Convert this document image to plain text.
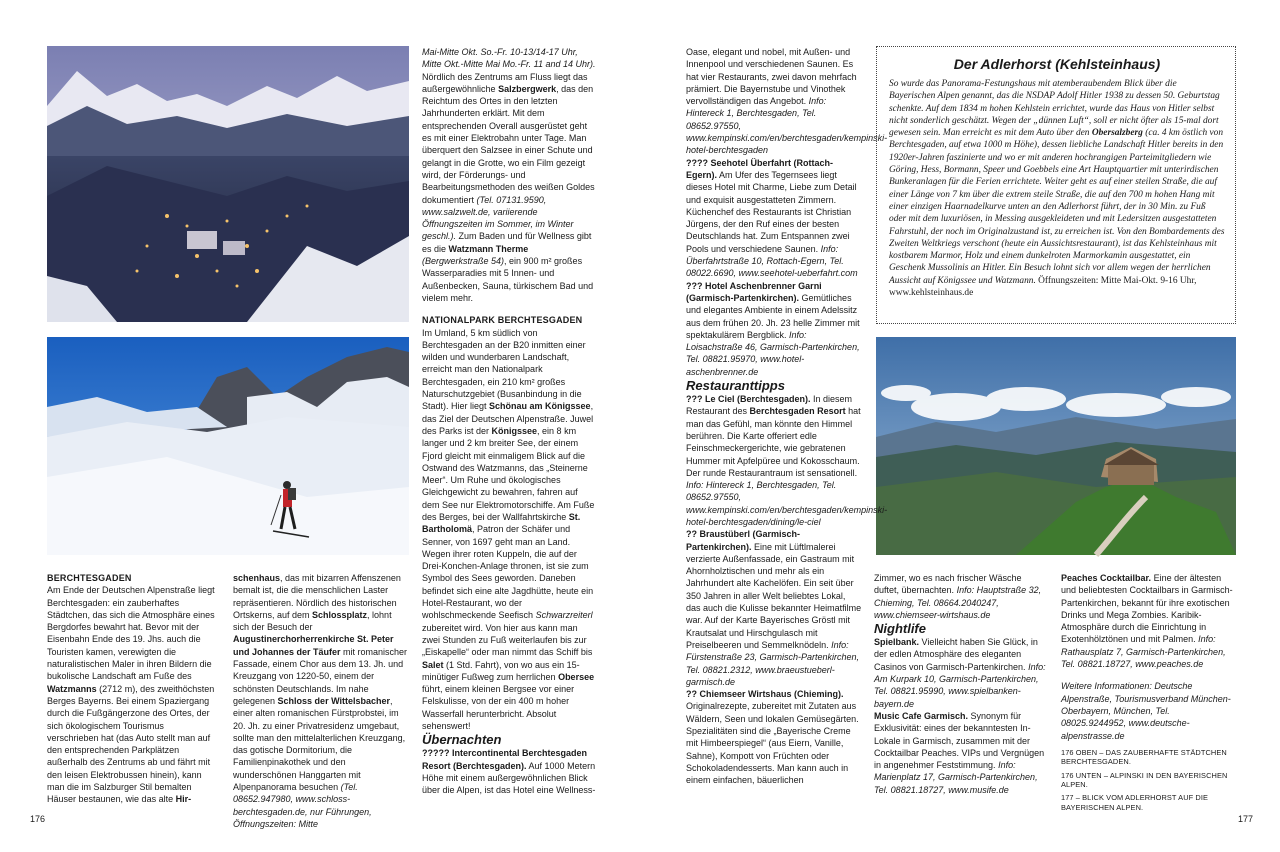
BERCHTESGADEN

Am Ende der Deutschen Alpenstraße liegt Berchtesgaden: ein zauberhaftes Städtchen, das sich die Atmosphäre eines Bergdorfes bewahrt hat. Bevor mit der Eisenbahn Ende des 19. Jhs. auch die Touristen kamen, verewigten die naturalistischen Maler in ihren Bildern die bukolische Landschaft am Fuße des Watzmanns (2712 m), des zweithöchsten Berges Bayerns. Bei einem Spaziergang durch die Fußgängerzone des Ortes, der sich ökologischem Tourismus verschrieben hat (das Auto stellt man auf den entsprechenden Parkplätzen außerhalb des Zentrums ab und fährt mit den leisen Elektrobussen hinein), kann man die im Salzburger Stil bemalten Häuser bestaunen, wie das alte Hir-

schenhaus, das mit bizarren Affenszenen bemalt ist, die die menschlichen Laster repräsentieren. Nördlich des historischen Ortskerns, auf dem Schlossplatz, lohnt sich der Besuch der Augustinerchorherrenkirche St. Peter und Johannes der Täufer mit romanischer Fassade, einem Chor aus dem 13. Jh. und Kreuzgang von 1220-50, einem der schönsten Deutschlands. Im nahe gelegenen Schloss der Wittelsbacher, einer alten romanischen Fürstprobstei, im 20. Jh. zu einer Privatresidenz umgebaut, sollte man den mittelalterlichen Kreuzgang, das gotische Dormitorium, die Familienpinakothek und den wunderschönen Hanggarten mit Alpenpanorama besuchen (Tel. 08652.947980, www.schloss-berchtesgaden.de, nur Führungen, Öffnungszeiten: Mitte

Mai-Mitte Okt. So.-Fr. 10-13/14-17 Uhr, Mitte Okt.-Mitte Mai Mo.-Fr. 11 and 14 Uhr). Nördlich des Zentrums am Fluss liegt das außergewöhnliche Salzbergwerk, das den Reichtum des Ortes in den letzten Jahrhunderten erklärt. Mit dem entsprechenden Overall ausgerüstet geht es mit einer Elektrobahn unter Tage. Man überquert den Salzsee in einer Schute und gelangt in die Grotte, wo ein Film gezeigt wird, der Förderungs- und Bearbeitungsmethoden des weißen Goldes dokumentiert (Tel. 07131.9590, www.salzwelt.de, variierende Öffnungszeiten im Sommer, im Winter geschl.). Zum Baden und für Wellness gibt es die Watzmann Therme (Bergwerkstraße 54), ein 900 m² großes Wasserparadies mit 5 Innen- und Außenbecken, Sauna, türkischem Bad und vielem mehr.

NATIONALPARK BERCHTESGADEN

Im Umland, 5 km südlich von Berchtesgaden an der B20 inmitten einer wilden und wunderbaren Landschaft, erreicht man den Nationalpark Berchtesgaden, ein 210 km² großes Naturschutzgebiet (Busanbindung in die Stadt). Hier liegt Schönau am Königssee, das Ziel der Deutschen Alpenstraße. Juwel des Parks ist der Königssee, ein 8 km langer und 2 km breiter See, der einem Fjord gleicht mit einmaligem Blick auf die Ostwand des Watzmanns, das „Steinerne Meer“. Um Ruhe und ökologisches Gleichgewicht zu bewahren, fahren auf dem See nur Elektromotorschiffe. Am Fuße des Berges, bei der Wallfahrtskirche St. Bartholomä, Patron der Schäfer und Senner, von 1697 geht man an Land. Wegen ihrer roten Kuppeln, die auf der Drei-Konchen-Anlage thronen, ist sie zum Symbol des Sees geworden. Daneben befindet sich eine alte Jagdhütte, heute ein Hotel-Restaurant, wo der wohlschmeckende Seefisch Schwarzreiterl zubereitet wird. Von hier aus kann man zwei Stunden zu Fuß weiterlaufen bis zur „Eiskapelle“ oder man nimmt das Schiff bis Salet (1 Std. Fahrt), von wo aus ein 15-minütiger Fußweg zum herrlichen Obersee führt, einem kleinen Bergsee vor einer Felskulisse, von der ein 400 m hoher Wasserfall herunterbricht. Absolut sehenswert!

Übernachten

????? Intercontinental Berchtesgaden Resort (Berchtesgaden). Auf 1000 Metern Höhe mit einem außergewöhnlichen Blick über die Alpen, ist das Hotel eine Wellness-

Oase, elegant und nobel, mit Außen- und Innenpool und verschiedenen Saunen. Es hat vier Restaurants, zwei davon mehrfach prämiert. Die Bayernstube und Vinothek vervollständigen das Angebot. Info: Hintereck 1, Berchtesgaden, Tel. 08652.97550, www.kempinski.com/en/berchtesgaden/kempinski-hotel-berchtesgaden

???? Seehotel Überfahrt (Rottach-Egern). Am Ufer des Tegernsees liegt dieses Hotel mit Charme, Liebe zum Detail und exquisit ausgestatteten Zimmern. Küchenchef des Restaurants ist Christian Jürgens, der den Ruf eines der besten Deutschlands hat. Zum Entspannen zwei Pools und verschiedene Saunen. Info: Überfahrtstraße 10, Rottach-Egern, Tel. 08022.6690, www.seehotel-ueberfahrt.com

??? Hotel Aschenbrenner Garni (Garmisch-Partenkirchen). Gemütliches und elegantes Ambiente in einem Adelssitz aus dem frühen 20. Jh. 23 helle Zimmer mit spektakulärem Bergblick. Info: Loisachstraße 46, Garmisch-Partenkirchen, Tel. 08821.95970, www.hotel-aschenbrenner.de

Restauranttipps

??? Le Ciel (Berchtesgaden). In diesem Restaurant des Berchtesgaden Resort hat man das Gefühl, man könnte den Himmel berühren. Die Karte offeriert edle Feinschmeckergerichte, wie gebratenen Hummer mit Apfelpüree und Kokosschaum. Der runde Restaurantraum ist sensationell. Info: Hintereck 1, Berchtesgaden, Tel. 08652.97550, www.kempinski.com/en/berchtesgaden/kempinski-hotel-berchtesgaden/dining/le-ciel

?? Braustüberl (Garmisch-Partenkirchen). Eine mit Lüftlmalerei verzierte Außenfassade, ein Gastraum mit Ahornholztischen und mehr als ein Jahrhundert alte Kachelöfen. Ein seit über 350 Jahren in aller Welt beliebtes Lokal, das auch die Kulisse bekannter Heimatfilme war. Auf der Karte Bayerisches Gröstl mit Krautsalat und Hirschgulasch mit Preiselbeeren und Semmelknödeln. Info: Fürstenstraße 23, Garmisch-Partenkirchen, Tel. 08821.2312, www.braeustueberl-garmisch.de

?? Chiemseer Wirtshaus (Chieming). Originalrezepte, zubereitet mit Zutaten aus Wäldern, Seen und lokalen Gemüsegärten. Spezialitäten sind die „Bayerische Creme mit Himbeerspiegel“ (aus Eiern, Vanille, Sahne), Kompott von Früchten oder Schokoladendesserts. Man kann auch in einem einfachen, bäuerlichen

Der Adlerhorst (Kehlsteinhaus)

So wurde das Panorama-Festungshaus mit atemberaubendem Blick über die Bayerischen Alpen genannt, das die NSDAP Adolf Hitler 1938 zu dessen 50. Geburtstag schenkte. Auf dem 1834 m hohen Kehlstein errichtet, wurde das Haus von Hitler selbst nicht sonderlich geschätzt. Wegen der „dünnen Luft“, soll er nicht öfter als 15-mal dort gewesen sein. Man erreicht es mit dem Auto über den Obersalzberg (ca. 4 km östlich von Berchtesgaden, auf etwa 1000 m Höhe), dessen liebliche Landschaft Hitler bereits in den 1920er-Jahren faszinierte und wo er mit anderen hochrangigen Parteimitgliedern wie Göring, Hess, Bormann, Speer und Goebbels eine Art Hauptquartier mit unterirdischen Bunkeranlagen für die Ferien errichtete. Weiter geht es auf einer steilen Straße, die auf einer Länge von 7 km über die extrem steile Straße, die auf den 700 m hohen Hang mit einer einzigen Haarnadelkurve unten an den Adlerhorst führt, der in 30 Min. zu Fuß oder mit dem luxuriösen, in Messing ausgekleideten und mit Ledersitzen ausgestatteten Fahrstuhl, der noch im Originalzustand ist, zu erreichen ist. Von den Bombardements des Zweiten Weltkriegs verschont (heute ein Aussichtsrestaurant), ist das Kehlsteinhaus mit kostbarem Marmor, Holz und einem dunkelroten Marmorkamin ausgestattet, ein Geschenk Mussolinis an Hitler. Ein Besuch lohnt sich vor allem wegen der herrlichen Aussicht auf Königssee und Watzmann. Öffnungszeiten: Mitte Mai-Okt. 9-16 Uhr, www.kehlsteinhaus.de

Zimmer, wo es nach frischer Wäsche duftet, übernachten. Info: Hauptstraße 32, Chieming, Tel. 08664.2040247, www.chiemseer-wirtshaus.de

Nightlife

Spielbank. Vielleicht haben Sie Glück, in der edlen Atmosphäre des eleganten Casinos von Garmisch-Partenkirchen. Info: Am Kurpark 10, Garmisch-Partenkirchen, Tel. 08821.95990, www.spielbanken-bayern.de

Music Cafe Garmisch. Synonym für Exklusivität: eines der bekanntesten In-Lokale in Garmisch, zusammen mit der Cocktailbar Peaches. VIPs und Vergnügen in angenehmer Feststimmung. Info: Marienplatz 17, Garmisch-Partenkirchen, Tel. 08821.18727, www.musife.de

Peaches Cocktailbar. Eine der ältesten und beliebtesten Cocktailbars in Garmisch-Partenkirchen, bekannt für ihre exotischen Drinks und Mega Zombies. Karibik-Atmosphäre durch die Einrichtung in Exotenhölztönen und mit Palmen. Info: Rathausplatz 7, Garmisch-Partenkirchen, Tel. 08821.18727, www.peaches.de

Weitere Informationen: Deutsche Alpenstraße, Tourismusverband München-Oberbayern, München, Tel. 08025.9244952, www.deutsche-alpenstrasse.de

176 OBEN – DAS ZAUBERHAFTE STÄDTCHEN BERCHTESGADEN.

176 UNTEN – ALPINSKI IN DEN BAYERISCHEN ALPEN.

177 – BLICK VOM ADLERHORST AUF DIE BAYERISCHEN ALPEN.

176	177
